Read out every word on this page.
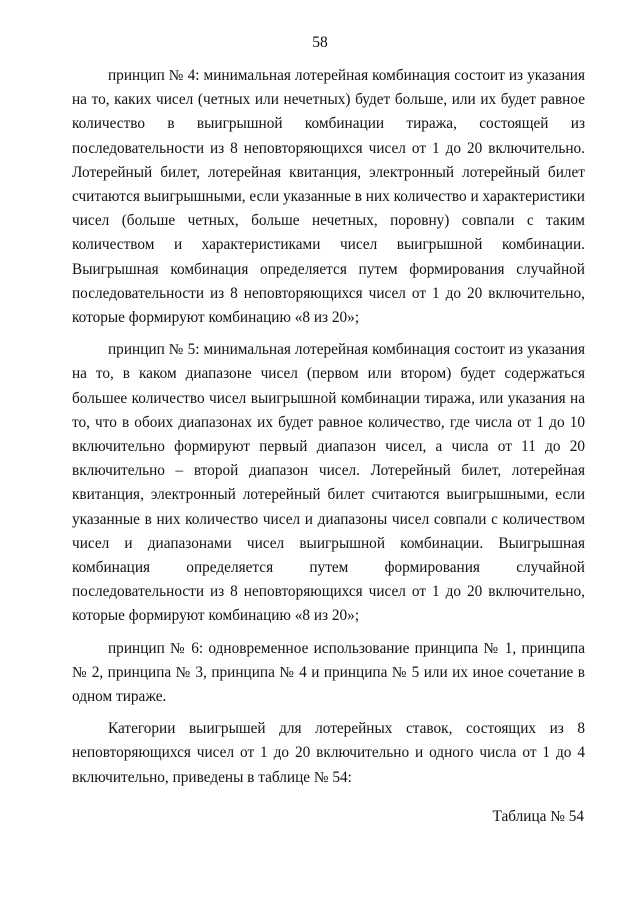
58

принцип № 4: минимальная лотерейная комбинация состоит из указания на то, каких чисел (четных или нечетных) будет больше, или их будет равное количество в выигрышной комбинации тиража, состоящей из последовательности из 8 неповторяющихся чисел от 1 до 20 включительно. Лотерейный билет, лотерейная квитанция, электронный лотерейный билет считаются выигрышными, если указанные в них количество и характеристики чисел (больше четных, больше нечетных, поровну) совпали с таким количеством и характеристиками чисел выигрышной комбинации. Выигрышная комбинация определяется путем формирования случайной последовательности из 8 неповторяющихся чисел от 1 до 20 включительно, которые формируют комбинацию «8 из 20»;

принцип № 5: минимальная лотерейная комбинация состоит из указания на то, в каком диапазоне чисел (первом или втором) будет содержаться большее количество чисел выигрышной комбинации тиража, или указания на то, что в обоих диапазонах их будет равное количество, где числа от 1 до 10 включительно формируют первый диапазон чисел, а числа от 11 до 20 включительно – второй диапазон чисел. Лотерейный билет, лотерейная квитанция, электронный лотерейный билет считаются выигрышными, если указанные в них количество чисел и диапазоны чисел совпали с количеством чисел и диапазонами чисел выигрышной комбинации. Выигрышная комбинация определяется путем формирования случайной последовательности из 8 неповторяющихся чисел от 1 до 20 включительно, которые формируют комбинацию «8 из 20»;

принцип № 6: одновременное использование принципа № 1, принципа № 2, принципа № 3, принципа № 4 и принципа № 5 или их иное сочетание в одном тираже.

Категории выигрышей для лотерейных ставок, состоящих из 8 неповторяющихся чисел от 1 до 20 включительно и одного числа от 1 до 4 включительно, приведены в таблице № 54:

Таблица № 54
